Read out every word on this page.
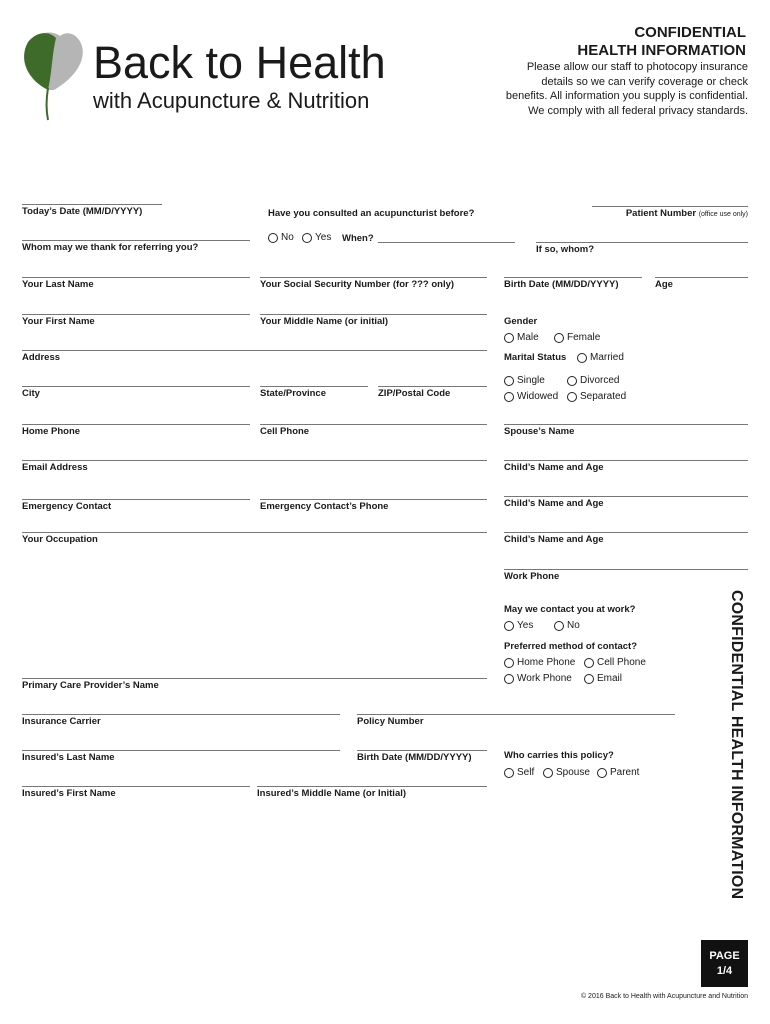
Back to Health
with Acupuncture & Nutrition
CONFIDENTIAL
HEALTH INFORMATION
Please allow our staff to photocopy insurance
details so we can verify coverage or check
benefits. All information you supply is confidential.
We comply with all federal privacy standards.
Today’s Date (MM/D/YYYY)	Have you consulted an acupuncturist before?	Patient Number (office use only)
No Yes When?
Whom may we thank for referring you?	If so, whom?
Your Last Name	Your Social Security Number (for ??? only)	Birth Date (MM/DD/YYYY)	Age
Your First Name	Your Middle Name (or initial)	Gender
Male	Female
Address	Marital Status Married
Single	Divorced
Widowed Separated
City	State/Province	ZIP/Postal Code
Home Phone	Cell Phone	Spouse’s Name
Email Address	Child’s Name and Age
Emergency Contact	Emergency Contact’s Phone	Child’s Name and Age
Your Occupation	Child’s Name and Age
Work Phone
May we contact you at work?
Yes	No
Preferred method of contact?
Home Phone Cell Phone
Work Phone	Email
Primary Care Provider’s Name
Insurance Carrier	Policy Number
Insured’s Last Name	Birth Date (MM/DD/YYYY)	Who carries this policy?
Self Spouse Parent
Insured’s First Name	Insured’s Middle Name (or Initial)	CONFIDENTIAL HEALTH INFORMATION
PAGE
1/4
© 2016 Back to Health with Acupuncture and Nutrition
